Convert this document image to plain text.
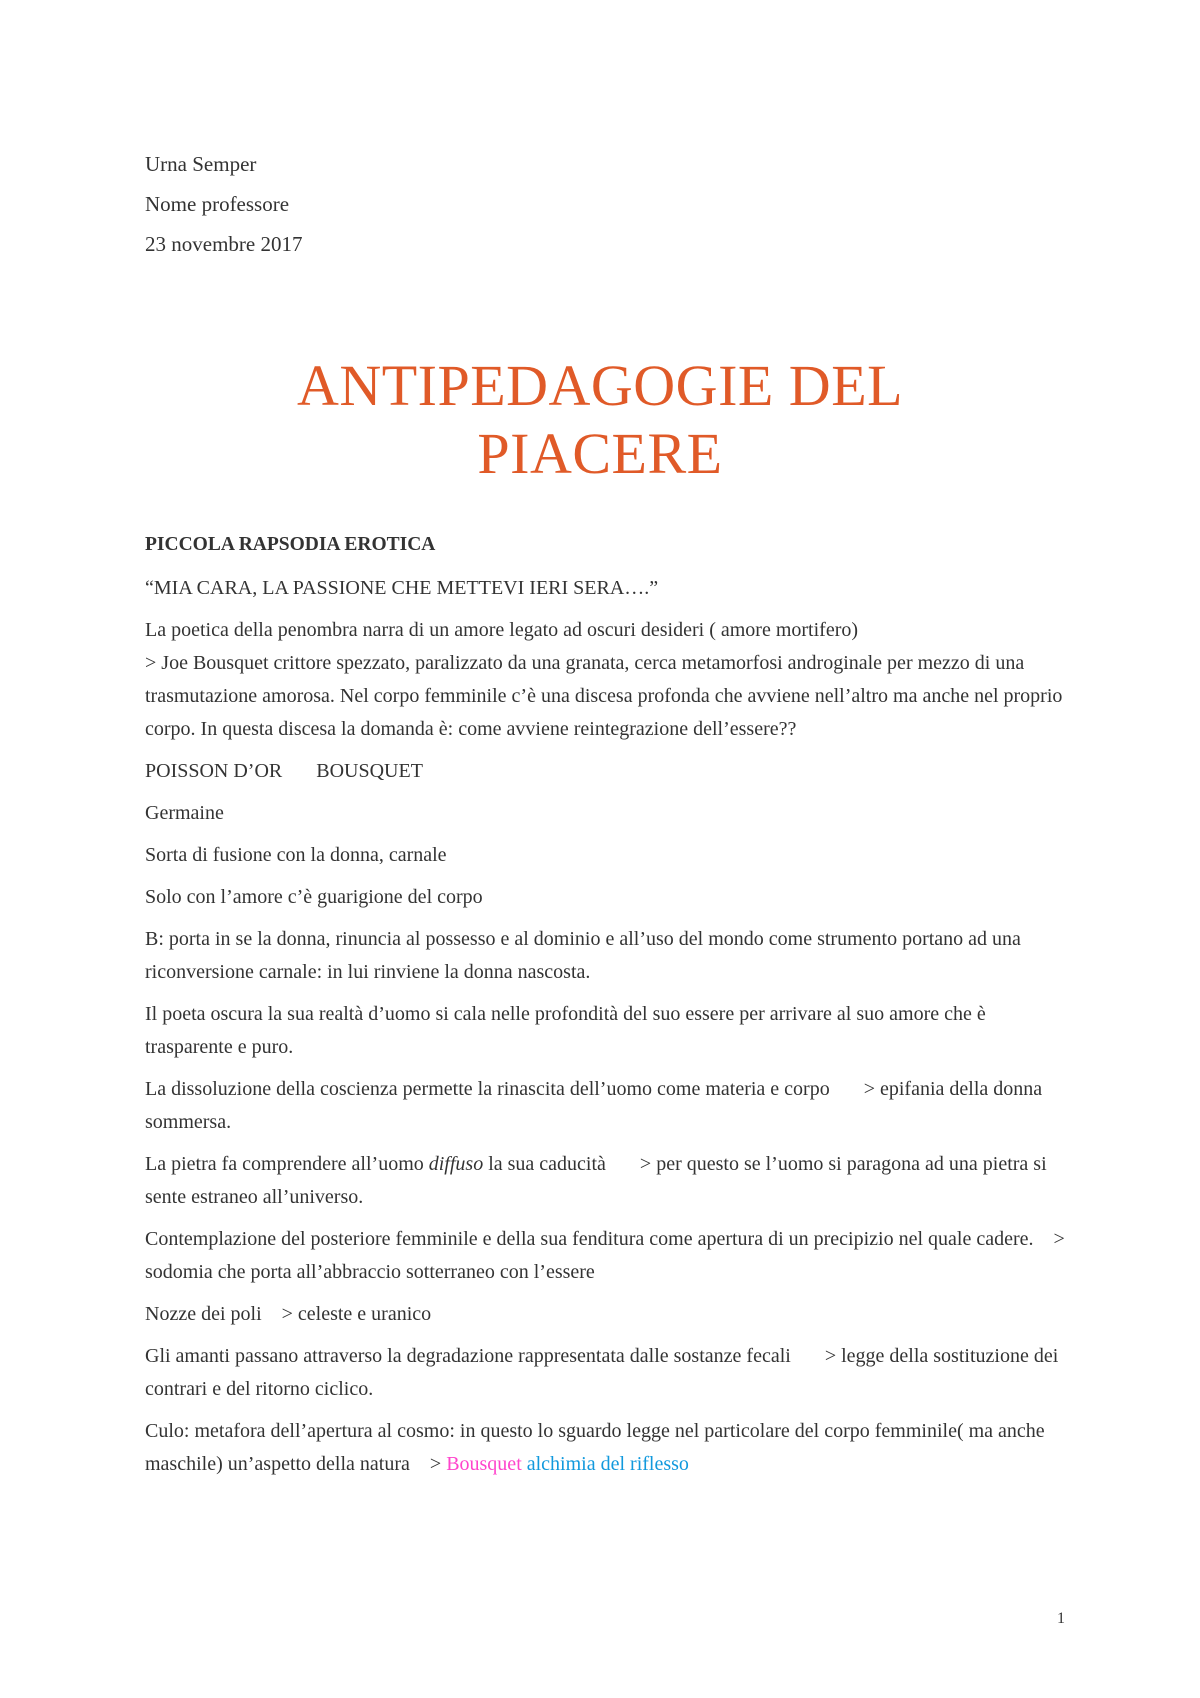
Urna Semper
Nome professore
23 novembre 2017
ANTIPEDAGOGIE DEL
PIACERE
PICCOLA RAPSODIA EROTICA
“MIA CARA, LA PASSIONE CHE METTEVI IERI SERA….”
La poetica della penombra narra di un amore legato ad oscuri desideri ( amore mortifero)
> Joe Bousquet crittore spezzato, paralizzato da una granata, cerca metamorfosi androginale per mezzo di una trasmutazione amorosa. Nel corpo femminile c’è una discesa profonda che avviene nell’altro ma anche nel proprio corpo. In questa discesa la domanda è: come avviene reintegrazione dell’essere??
POISSON D’OR BOUSQUET
Germaine
Sorta di fusione con la donna, carnale
Solo con l’amore c’è guarigione del corpo
B: porta in se la donna, rinuncia al possesso e al dominio e all’uso del mondo come strumento portano ad una riconversione carnale: in lui rinviene la donna nascosta.
Il poeta oscura la sua realtà d’uomo si cala nelle profondità del suo essere per arrivare al suo amore che è trasparente e puro.
La dissoluzione della coscienza permette la rinascita dell’uomo come materia e corpo > epifania della donna sommersa.
La pietra fa comprendere all’uomo diffuso la sua caducità > per questo se l’uomo si paragona ad una pietra si sente estraneo all’universo.
Contemplazione del posteriore femminile e della sua fenditura come apertura di un precipizio nel quale cadere. > sodomia che porta all’abbraccio sotterraneo con l’essere
Nozze dei poli > celeste e uranico
Gli amanti passano attraverso la degradazione rappresentata dalle sostanze fecali > legge della sostituzione dei contrari e del ritorno ciclico.
Culo: metafora dell’apertura al cosmo: in questo lo sguardo legge nel particolare del corpo femminile( ma anche maschile) un’aspetto della natura > Bousquet alchimia del riflesso
1
